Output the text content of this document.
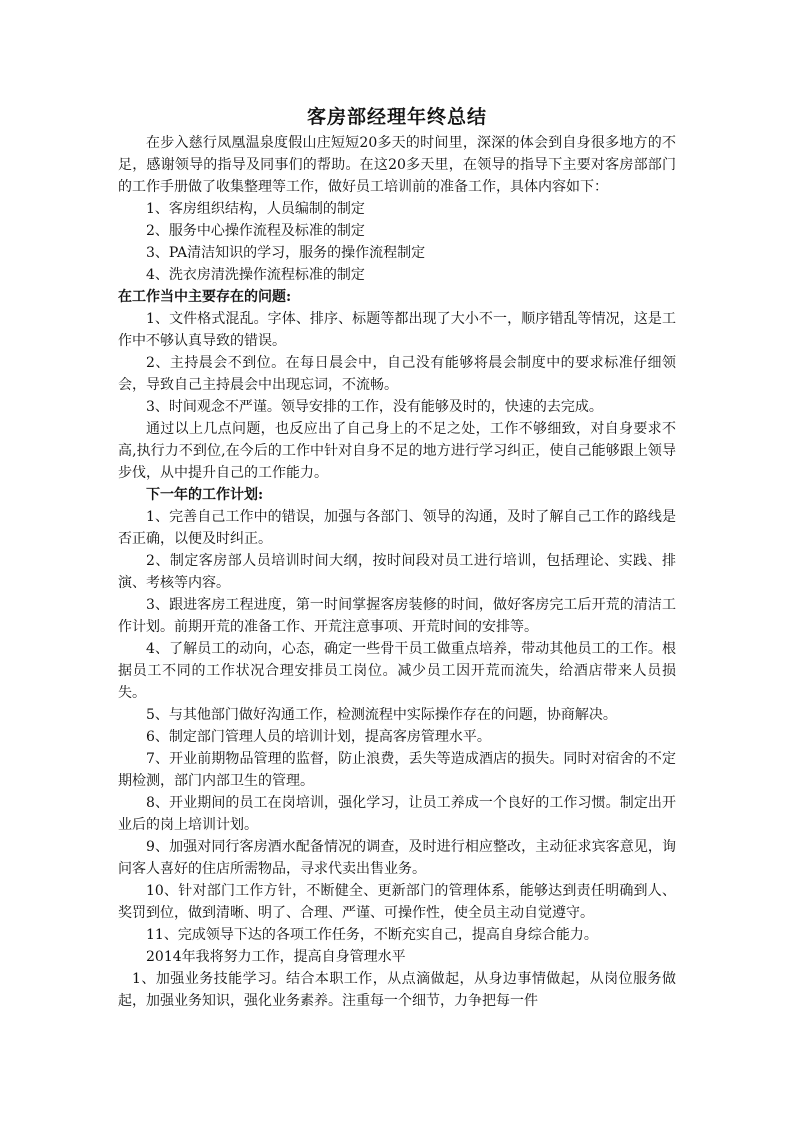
客房部经理年终总结

在步入慈行凤凰温泉度假山庄短短20多天的时间里，深深的体会到自身很多地方的不足，感谢领导的指导及同事们的帮助。在这20多天里，在领导的指导下主要对客房部部门的工作手册做了收集整理等工作，做好员工培训前的准备工作，具体内容如下：

1、客房组织结构，人员编制的制定

2、服务中心操作流程及标准的制定

3、PA清洁知识的学习，服务的操作流程制定

4、洗衣房清洗操作流程标准的制定

在工作当中主要存在的问题:

1、文件格式混乱。字体、排序、标题等都出现了大小不一，顺序错乱等情况，这是工作中不够认真导致的错误。

2、主持晨会不到位。在每日晨会中，自己没有能够将晨会制度中的要求标准仔细领会，导致自己主持晨会中出现忘词，不流畅。

3、时间观念不严谨。领导安排的工作，没有能够及时的，快速的去完成。

通过以上几点问题，也反应出了自己身上的不足之处，工作不够细致，对自身要求不高,执行力不到位,在今后的工作中针对自身不足的地方进行学习纠正，使自己能够跟上领导步伐，从中提升自己的工作能力。

下一年的工作计划:

1、完善自己工作中的错误，加强与各部门、领导的沟通，及时了解自己工作的路线是否正确，以便及时纠正。

2、制定客房部人员培训时间大纲，按时间段对员工进行培训，包括理论、实践、排演、考核等内容。

3、跟进客房工程进度，第一时间掌握客房装修的时间，做好客房完工后开荒的清洁工作计划。前期开荒的准备工作、开荒注意事项、开荒时间的安排等。

4、了解员工的动向，心态，确定一些骨干员工做重点培养，带动其他员工的工作。根据员工不同的工作状况合理安排员工岗位。减少员工因开荒而流失，给酒店带来人员损失。

5、与其他部门做好沟通工作，检测流程中实际操作存在的问题，协商解决。

6、制定部门管理人员的培训计划，提高客房管理水平。

7、开业前期物品管理的监督，防止浪费，丢失等造成酒店的损失。同时对宿舍的不定期检测，部门内部卫生的管理。

8、开业期间的员工在岗培训，强化学习，让员工养成一个良好的工作习惯。制定出开业后的岗上培训计划。

9、加强对同行客房酒水配备情况的调查，及时进行相应整改，主动征求宾客意见，询问客人喜好的住店所需物品，寻求代卖出售业务。

10、针对部门工作方针，不断健全、更新部门的管理体系，能够达到责任明确到人、奖罚到位，做到清晰、明了、合理、严谨、可操作性，使全员主动自觉遵守。

11、完成领导下达的各项工作任务，不断充实自己，提高自身综合能力。

2014年我将努力工作，提高自身管理水平

1、加强业务技能学习。结合本职工作，从点滴做起，从身边事情做起，从岗位服务做起，加强业务知识，强化业务素养。注重每一个细节，力争把每一件
